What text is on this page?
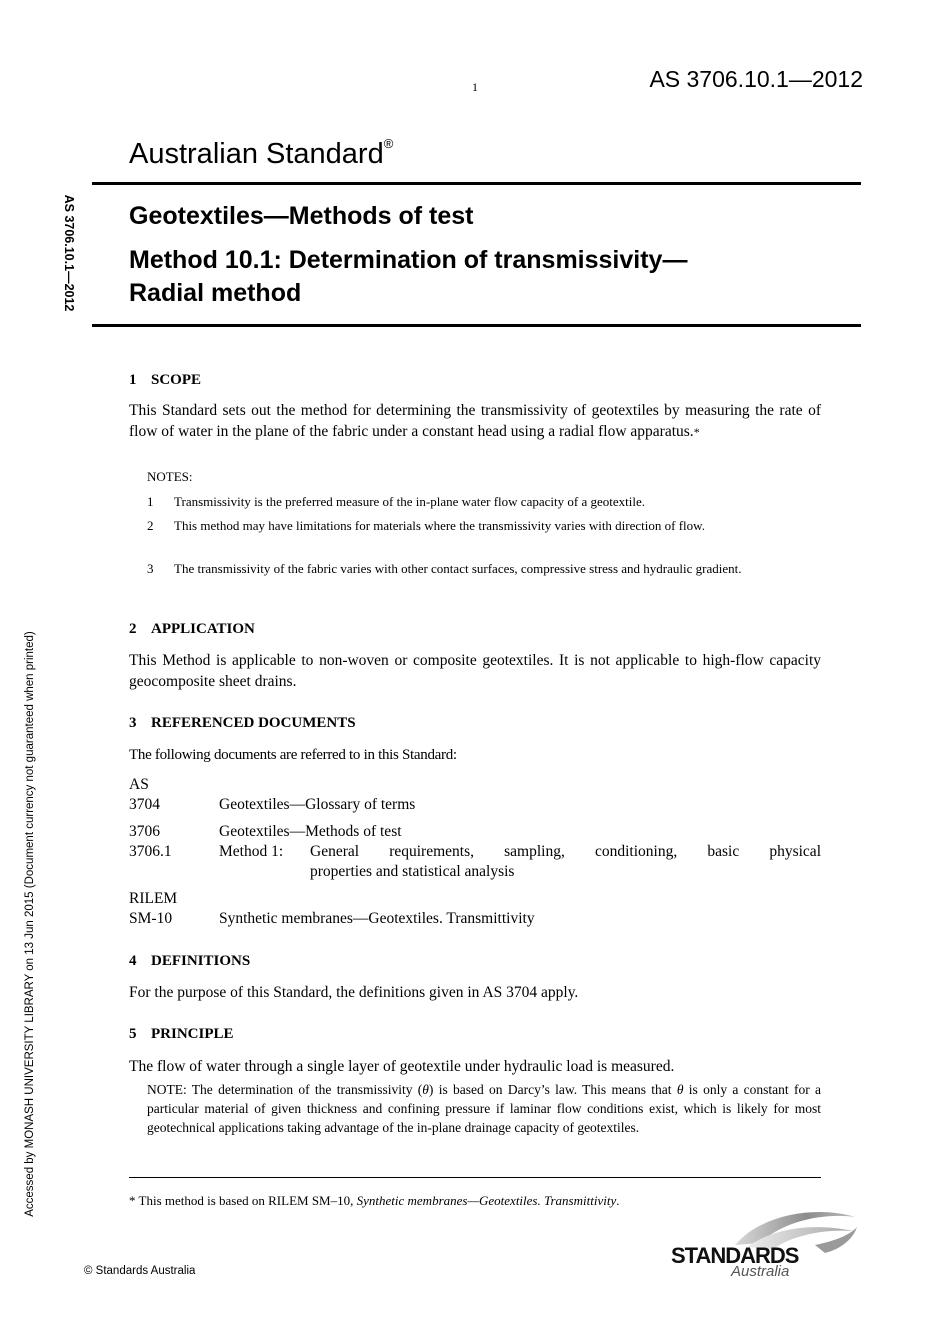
1	AS 3706.10.1—2012
Australian Standard®
Geotextiles—Methods of test
Method 10.1: Determination of transmissivity—
Radial method
AS 3706.10.1—2012
Accessed by MONASH UNIVERSITY LIBRARY on 13 Jun 2015 (Document currency not guaranteed when printed)
1 SCOPE
This Standard sets out the method for determining the transmissivity of geotextiles by measuring the rate of flow of water in the plane of the fabric under a constant head using a radial flow apparatus.*
NOTES:
1	Transmissivity is the preferred measure of the in-plane water flow capacity of a geotextile.
2	This method may have limitations for materials where the transmissivity varies with direction of flow.
3	The transmissivity of the fabric varies with other contact surfaces, compressive stress and hydraulic gradient.
2 APPLICATION
This Method is applicable to non-woven or composite geotextiles. It is not applicable to high-flow capacity geocomposite sheet drains.
3 REFERENCED DOCUMENTS
The following documents are referred to in this Standard:
AS
3704	Geotextiles—Glossary of terms
3706	Geotextiles—Methods of test
3706.1	Method 1:	General requirements, sampling, conditioning, basic physical
properties and statistical analysis
RILEM
SM-10	Synthetic membranes—Geotextiles. Transmittivity
4 DEFINITIONS
For the purpose of this Standard, the definitions given in AS 3704 apply.
5 PRINCIPLE
The flow of water through a single layer of geotextile under hydraulic load is measured.
NOTE: The determination of the transmissivity (θ) is based on Darcy’s law. This means that θ is only a constant for a particular material of given thickness and confining pressure if laminar flow conditions exist, which is likely for most geotechnical applications taking advantage of the in-plane drainage capacity of geotextiles.
* This method is based on RILEM SM–10, Synthetic membranes—Geotextiles. Transmittivity.
© Standards Australia
STANDARDS
Australia
